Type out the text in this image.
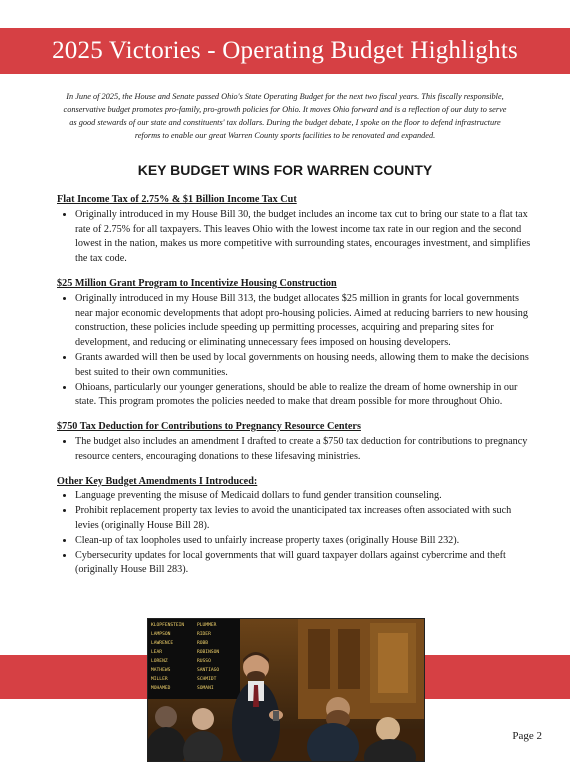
2025 Victories - Operating Budget Highlights
In June of 2025, the House and Senate passed Ohio's State Operating Budget for the next two fiscal years. This fiscally responsible, conservative budget promotes pro-family, pro-growth policies for Ohio. It moves Ohio forward and is a reflection of our duty to serve as good stewards of our state and constituents' tax dollars. During the budget debate, I spoke on the floor to defend infrastructure reforms to enable our great Warren County sports facilities to be renovated and expanded.
KEY BUDGET WINS FOR WARREN COUNTY

Flat Income Tax of 2.75% & $1 Billion Income Tax Cut

• Originally introduced in my House Bill 30, the budget includes an income tax cut to bring our state to a flat tax rate of 2.75% for all taxpayers. This leaves Ohio with the lowest income tax rate in our region and the second lowest in the nation, makes us more competitive with surrounding states, encourages investment, and simplifies the tax code.

$25 Million Grant Program to Incentivize Housing Construction

• Originally introduced in my House Bill 313, the budget allocates $25 million in grants for local governments near major economic developments that adopt pro-housing policies. Aimed at reducing barriers to new housing construction, these policies include speeding up permitting processes, acquiring and preparing sites for development, and reducing or eliminating unnecessary fees imposed on housing developers.
• Grants awarded will then be used by local governments on housing needs, allowing them to make the decisions best suited to their own communities.
• Ohioans, particularly our younger generations, should be able to realize the dream of home ownership in our state. This program promotes the policies needed to make that dream possible for more throughout Ohio.

$750 Tax Deduction for Contributions to Pregnancy Resource Centers

• The budget also includes an amendment I drafted to create a $750 tax deduction for contributions to pregnancy resource centers, encouraging donations to these lifesaving ministries.

Other Key Budget Amendments I Introduced:

• Language preventing the misuse of Medicaid dollars to fund gender transition counseling.
• Prohibit replacement property tax levies to avoid the unanticipated tax increases often associated with such levies (originally House Bill 28).
• Clean-up of tax loopholes used to unfairly increase property taxes (originally House Bill 232).
• Cybersecurity updates for local governments that will guard taxpayer dollars against cybercrime and theft (originally House Bill 283).
KLOPFENSTEIN
LAMPSON
LAWRENCE
LEAR
LORENZ
MATHEWS
MILLER
MOHAMED
PLUMMER
RIDER
ROBB
ROBINSON
RUSSO
SANTIAGO
SCHMIDT
SOMANI
Page 2
